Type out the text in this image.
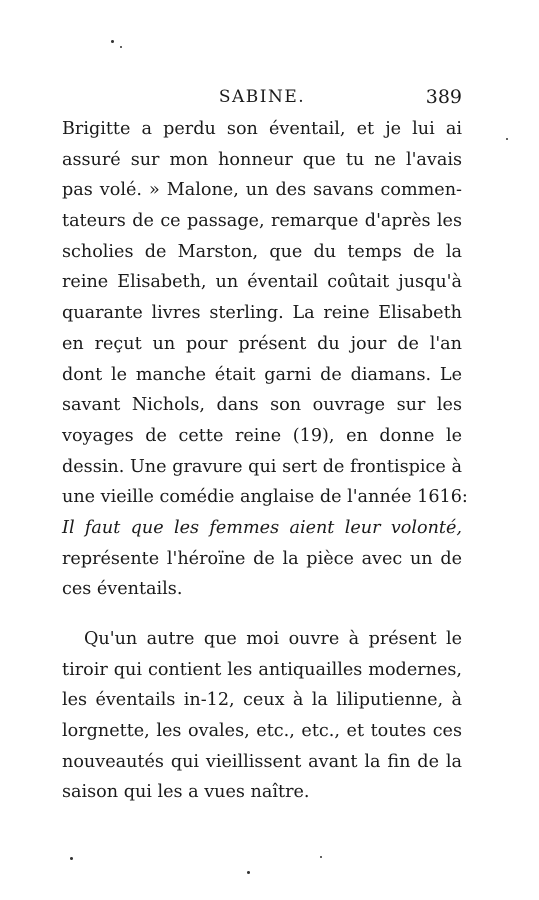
SABINE.	389
Brigitte a perdu son éventail, et je lui ai
assuré sur mon honneur que tu ne l'avais
pas volé. » Malone, un des savans commen-
tateurs de ce passage, remarque d'après les
scholies de Marston, que du temps de la
reine Elisabeth, un éventail coûtait jusqu'à
quarante livres sterling. La reine Elisabeth
en reçut un pour présent du jour de l'an
dont le manche était garni de diamans. Le
savant Nichols, dans son ouvrage sur les
voyages de cette reine (19), en donne le
dessin. Une gravure qui sert de frontispice à
une vieille comédie anglaise de l'année 1616:
Il faut que les femmes aient leur volonté,
représente l'héroïne de la pièce avec un de
ces éventails.
Qu'un autre que moi ouvre à présent le
tiroir qui contient les antiquailles modernes,
les éventails in-12, ceux à la liliputienne, à
lorgnette, les ovales, etc., etc., et toutes ces
nouveautés qui vieillissent avant la fin de la
saison qui les a vues naître.
